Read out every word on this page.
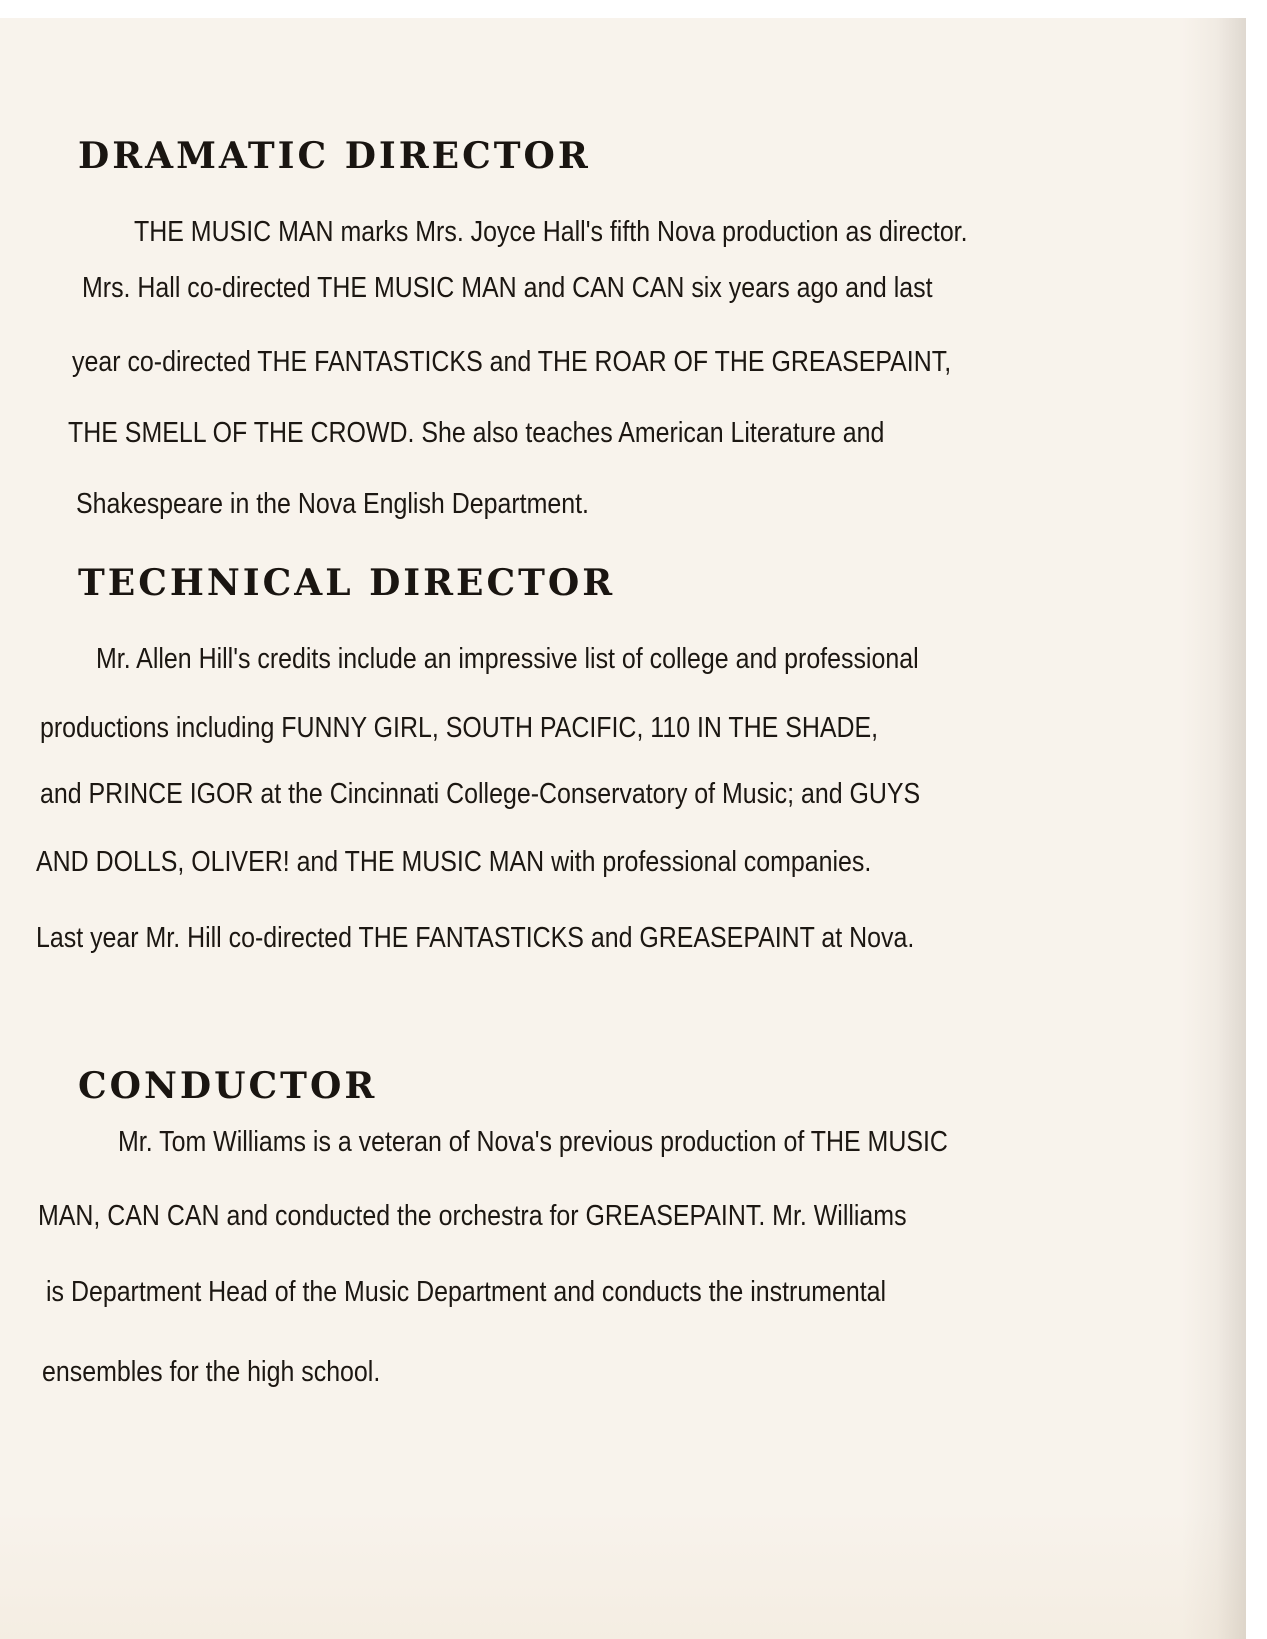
DRAMATIC DIRECTOR

THE MUSIC MAN marks Mrs. Joyce Hall's fifth Nova production as director.

Mrs. Hall co-directed THE MUSIC MAN and CAN CAN six years ago and last

year co-directed THE FANTASTICKS and THE ROAR OF THE GREASEPAINT,

THE SMELL OF THE CROWD. She also teaches American Literature and

Shakespeare in the Nova English Department.

TECHNICAL DIRECTOR

Mr. Allen Hill's credits include an impressive list of college and professional

productions including FUNNY GIRL, SOUTH PACIFIC, 110 IN THE SHADE,

and PRINCE IGOR at the Cincinnati College-Conservatory of Music; and GUYS

AND DOLLS, OLIVER! and THE MUSIC MAN with professional companies.

Last year Mr. Hill co-directed THE FANTASTICKS and GREASEPAINT at Nova.

CONDUCTOR

Mr. Tom Williams is a veteran of Nova's previous production of THE MUSIC

MAN, CAN CAN and conducted the orchestra for GREASEPAINT. Mr. Williams

is Department Head of the Music Department and conducts the instrumental

ensembles for the high school.
